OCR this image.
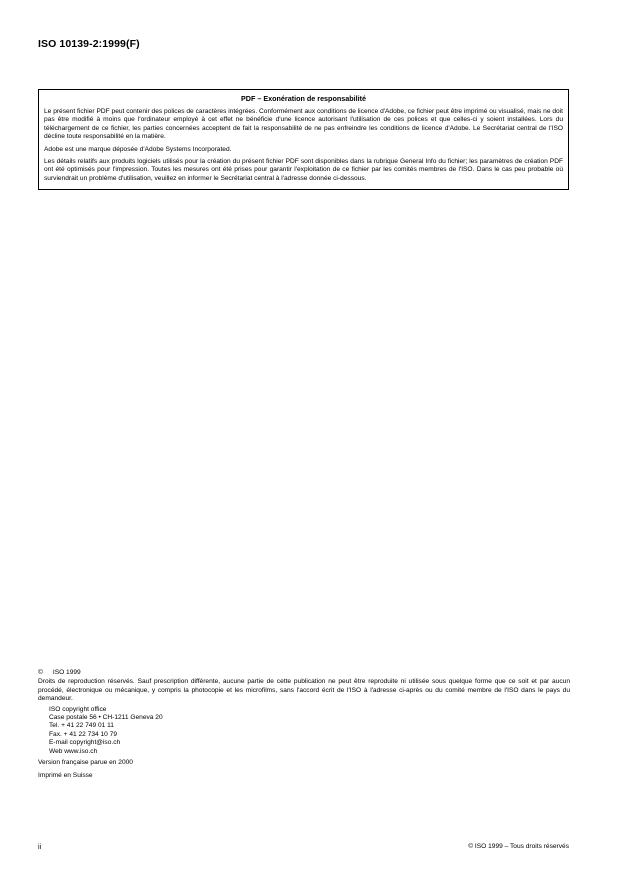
ISO 10139-2:1999(F)
PDF – Exonération de responsabilité

Le présent fichier PDF peut contenir des polices de caractères intégrées. Conformément aux conditions de licence d'Adobe, ce fichier peut être imprimé ou visualisé, mais ne doit pas être modifié à moins que l'ordinateur employé à cet effet ne bénéficie d'une licence autorisant l'utilisation de ces polices et que celles-ci y soient installées. Lors du téléchargement de ce fichier, les parties concernées acceptent de fait la responsabilité de ne pas enfreindre les conditions de licence d'Adobe. Le Secrétariat central de l'ISO décline toute responsabilité en la matière.

Adobe est une marque déposée d'Adobe Systems Incorporated.

Les détails relatifs aux produits logiciels utilisés pour la création du présent fichier PDF sont disponibles dans la rubrique General Info du fichier; les paramètres de création PDF ont été optimisés pour l'impression. Toutes les mesures ont été prises pour garantir l'exploitation de ce fichier par les comités membres de l'ISO. Dans le cas peu probable où surviendrait un problème d'utilisation, veuillez en informer le Secrétariat central à l'adresse donnée ci-dessous.

© ISO 1999

Droits de reproduction réservés. Sauf prescription différente, aucune partie de cette publication ne peut être reproduite ni utilisée sous quelque forme que ce soit et par aucun procédé, électronique ou mécanique, y compris la photocopie et les microfilms, sans l'accord écrit de l'ISO à l'adresse ci-après ou du comité membre de l'ISO dans le pays du demandeur.

ISO copyright office
Case postale 56 • CH-1211 Geneva 20
Tel. + 41 22 749 01 11
Fax. + 41 22 734 10 79
E-mail copyright@iso.ch
Web www.iso.ch
Version française parue en 2000
Imprimé en Suisse
ii	© ISO 1999 – Tous droits réservés
